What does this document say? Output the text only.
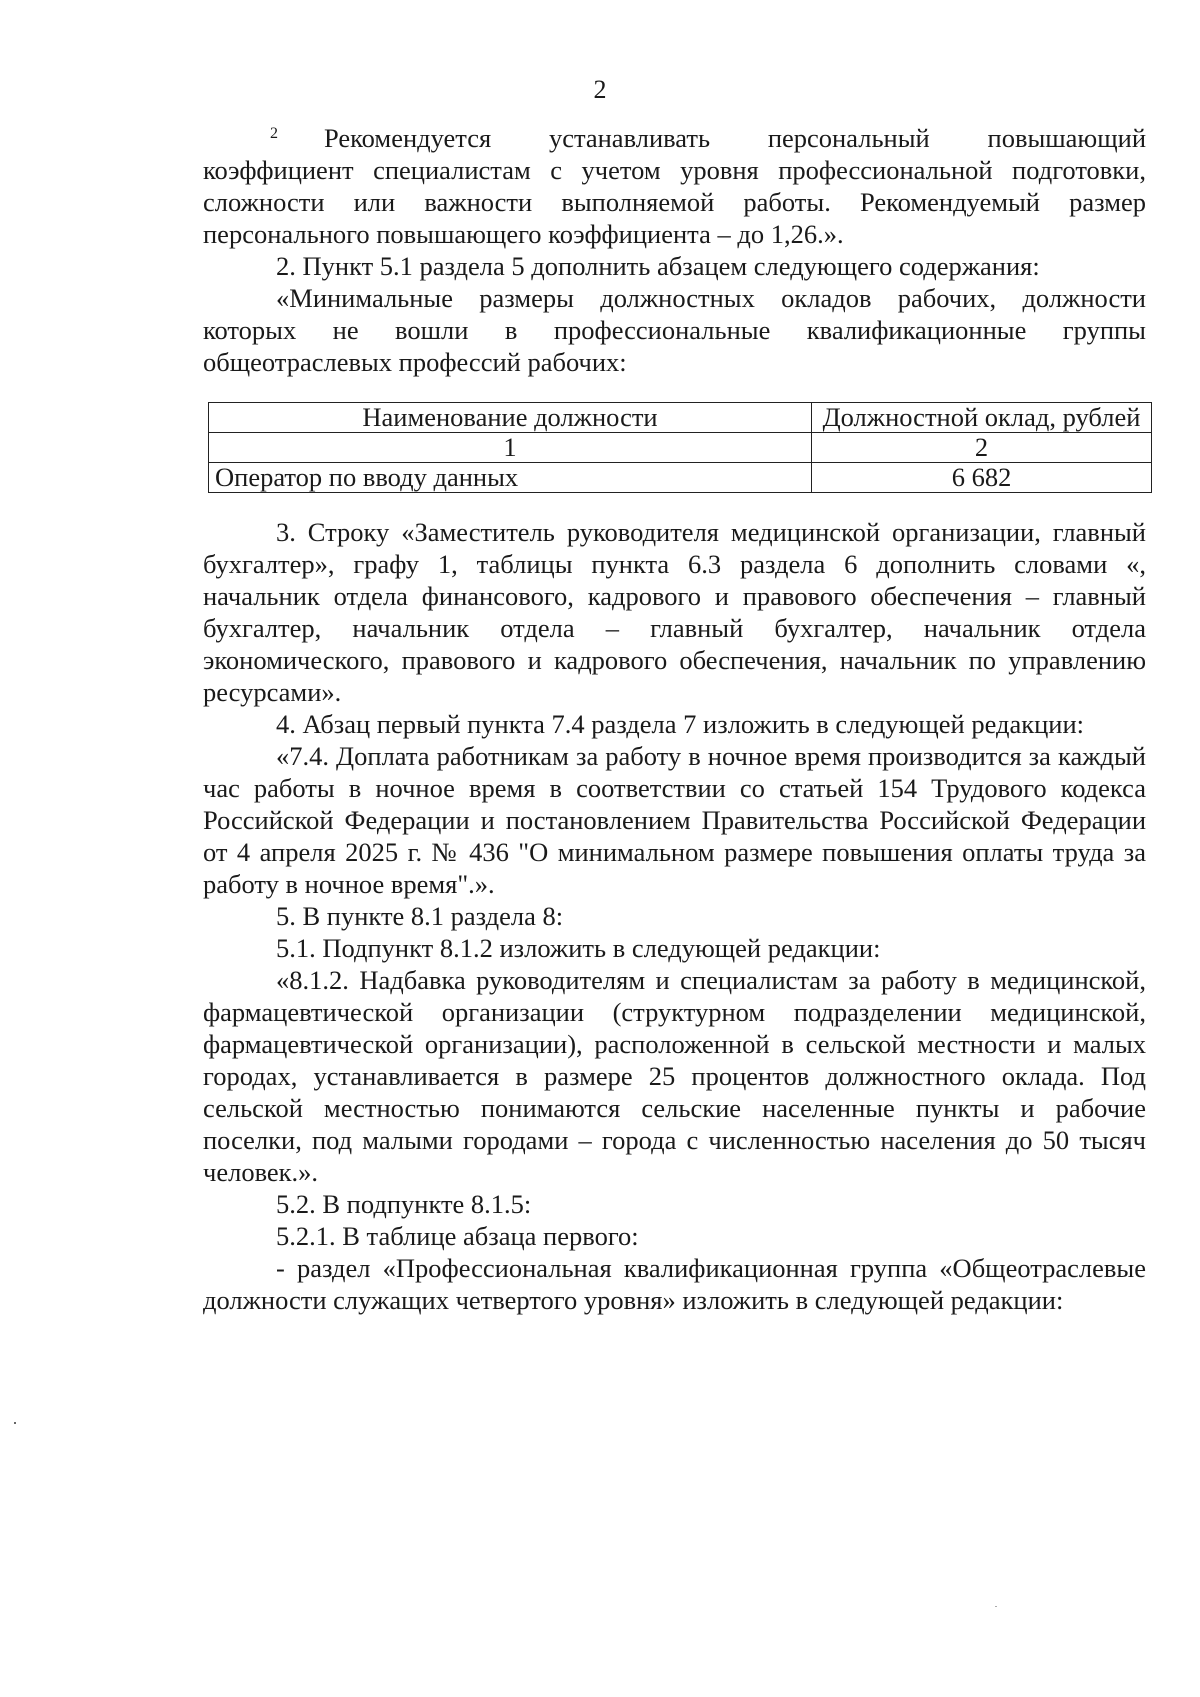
2

2 Рекомендуется устанавливать персональный повышающий коэффициент специалистам с учетом уровня профессиональной подготовки, сложности или важности выполняемой работы. Рекомендуемый размер персонального повышающего коэффициента – до 1,26.».

2. Пункт 5.1 раздела 5 дополнить абзацем следующего содержания:

«Минимальные размеры должностных окладов рабочих, должности которых не вошли в профессиональные квалификационные группы общеотраслевых профессий рабочих:

Наименование должности	Должностной оклад, рублей
1	2
Оператор по вводу данных	6 682

3. Строку «Заместитель руководителя медицинской организации, главный бухгалтер», графу 1, таблицы пункта 6.3 раздела 6 дополнить словами «, начальник отдела финансового, кадрового и правового обеспечения – главный бухгалтер, начальник отдела – главный бухгалтер, начальник отдела экономического, правового и кадрового обеспечения, начальник по управлению ресурсами».

4. Абзац первый пункта 7.4 раздела 7 изложить в следующей редакции:

«7.4. Доплата работникам за работу в ночное время производится за каждый час работы в ночное время в соответствии со статьей 154 Трудового кодекса Российской Федерации и постановлением Правительства Российской Федерации от 4 апреля 2025 г. № 436 "О минимальном размере повышения оплаты труда за работу в ночное время".».

5. В пункте 8.1 раздела 8:

5.1. Подпункт 8.1.2 изложить в следующей редакции:

«8.1.2. Надбавка руководителям и специалистам за работу в медицинской, фармацевтической организации (структурном подразделении медицинской, фармацевтической организации), расположенной в сельской местности и малых городах, устанавливается в размере 25 процентов должностного оклада. Под сельской местностью понимаются сельские населенные пункты и рабочие поселки, под малыми городами – города с численностью населения до 50 тысяч человек.».

5.2. В подпункте 8.1.5:

5.2.1. В таблице абзаца первого:

- раздел «Профессиональная квалификационная группа «Общеотраслевые должности служащих четвертого уровня» изложить в следующей редакции:
